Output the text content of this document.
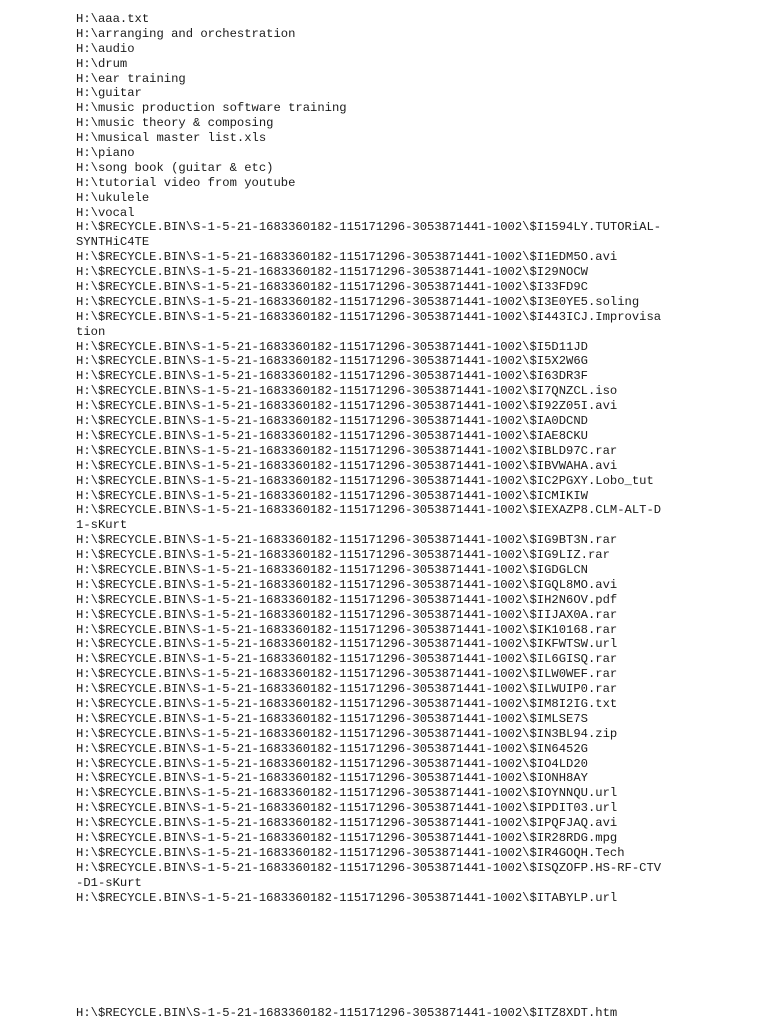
H:\aaa.txt
H:\arranging and orchestration
H:\audio
H:\drum
H:\ear training
H:\guitar
H:\music production software training
H:\music theory & composing
H:\musical master list.xls
H:\piano
H:\song book (guitar & etc)
H:\tutorial video from youtube
H:\ukulele
H:\vocal
H:\$RECYCLE.BIN\S-1-5-21-1683360182-115171296-3053871441-1002\$I1594LY.TUTORiAL-
SYNTHiC4TE
H:\$RECYCLE.BIN\S-1-5-21-1683360182-115171296-3053871441-1002\$I1EDM5O.avi
H:\$RECYCLE.BIN\S-1-5-21-1683360182-115171296-3053871441-1002\$I29NOCW
H:\$RECYCLE.BIN\S-1-5-21-1683360182-115171296-3053871441-1002\$I33FD9C
H:\$RECYCLE.BIN\S-1-5-21-1683360182-115171296-3053871441-1002\$I3E0YE5.soling
H:\$RECYCLE.BIN\S-1-5-21-1683360182-115171296-3053871441-1002\$I443ICJ.Improvisa
tion
H:\$RECYCLE.BIN\S-1-5-21-1683360182-115171296-3053871441-1002\$I5D11JD
H:\$RECYCLE.BIN\S-1-5-21-1683360182-115171296-3053871441-1002\$I5X2W6G
H:\$RECYCLE.BIN\S-1-5-21-1683360182-115171296-3053871441-1002\$I63DR3F
H:\$RECYCLE.BIN\S-1-5-21-1683360182-115171296-3053871441-1002\$I7QNZCL.iso
H:\$RECYCLE.BIN\S-1-5-21-1683360182-115171296-3053871441-1002\$I92Z05I.avi
H:\$RECYCLE.BIN\S-1-5-21-1683360182-115171296-3053871441-1002\$IA0DCND
H:\$RECYCLE.BIN\S-1-5-21-1683360182-115171296-3053871441-1002\$IAE8CKU
H:\$RECYCLE.BIN\S-1-5-21-1683360182-115171296-3053871441-1002\$IBLD97C.rar
H:\$RECYCLE.BIN\S-1-5-21-1683360182-115171296-3053871441-1002\$IBVWAHA.avi
H:\$RECYCLE.BIN\S-1-5-21-1683360182-115171296-3053871441-1002\$IC2PGXY.Lobo_tut
H:\$RECYCLE.BIN\S-1-5-21-1683360182-115171296-3053871441-1002\$ICMIKIW
H:\$RECYCLE.BIN\S-1-5-21-1683360182-115171296-3053871441-1002\$IEXAZP8.CLM-ALT-D
1-sKurt
H:\$RECYCLE.BIN\S-1-5-21-1683360182-115171296-3053871441-1002\$IG9BT3N.rar
H:\$RECYCLE.BIN\S-1-5-21-1683360182-115171296-3053871441-1002\$IG9LIZ.rar
H:\$RECYCLE.BIN\S-1-5-21-1683360182-115171296-3053871441-1002\$IGDGLCN
H:\$RECYCLE.BIN\S-1-5-21-1683360182-115171296-3053871441-1002\$IGQL8MO.avi
H:\$RECYCLE.BIN\S-1-5-21-1683360182-115171296-3053871441-1002\$IH2N6OV.pdf
H:\$RECYCLE.BIN\S-1-5-21-1683360182-115171296-3053871441-1002\$IIJAX0A.rar
H:\$RECYCLE.BIN\S-1-5-21-1683360182-115171296-3053871441-1002\$IK10168.rar
H:\$RECYCLE.BIN\S-1-5-21-1683360182-115171296-3053871441-1002\$IKFWTSW.url
H:\$RECYCLE.BIN\S-1-5-21-1683360182-115171296-3053871441-1002\$IL6GISQ.rar
H:\$RECYCLE.BIN\S-1-5-21-1683360182-115171296-3053871441-1002\$ILW0WEF.rar
H:\$RECYCLE.BIN\S-1-5-21-1683360182-115171296-3053871441-1002\$ILWUIP0.rar
H:\$RECYCLE.BIN\S-1-5-21-1683360182-115171296-3053871441-1002\$IM8I2IG.txt
H:\$RECYCLE.BIN\S-1-5-21-1683360182-115171296-3053871441-1002\$IMLSE7S
H:\$RECYCLE.BIN\S-1-5-21-1683360182-115171296-3053871441-1002\$IN3BL94.zip
H:\$RECYCLE.BIN\S-1-5-21-1683360182-115171296-3053871441-1002\$IN6452G
H:\$RECYCLE.BIN\S-1-5-21-1683360182-115171296-3053871441-1002\$IO4LD20
H:\$RECYCLE.BIN\S-1-5-21-1683360182-115171296-3053871441-1002\$IONH8AY
H:\$RECYCLE.BIN\S-1-5-21-1683360182-115171296-3053871441-1002\$IOYNNQU.url
H:\$RECYCLE.BIN\S-1-5-21-1683360182-115171296-3053871441-1002\$IPDIT03.url
H:\$RECYCLE.BIN\S-1-5-21-1683360182-115171296-3053871441-1002\$IPQFJAQ.avi
H:\$RECYCLE.BIN\S-1-5-21-1683360182-115171296-3053871441-1002\$IR28RDG.mpg
H:\$RECYCLE.BIN\S-1-5-21-1683360182-115171296-3053871441-1002\$IR4GOQH.Tech
H:\$RECYCLE.BIN\S-1-5-21-1683360182-115171296-3053871441-1002\$ISQZOFP.HS-RF-CTV
-D1-sKurt
H:\$RECYCLE.BIN\S-1-5-21-1683360182-115171296-3053871441-1002\$ITABYLP.url
H:\$RECYCLE.BIN\S-1-5-21-1683360182-115171296-3053871441-1002\$ITZ8XDT.htm
